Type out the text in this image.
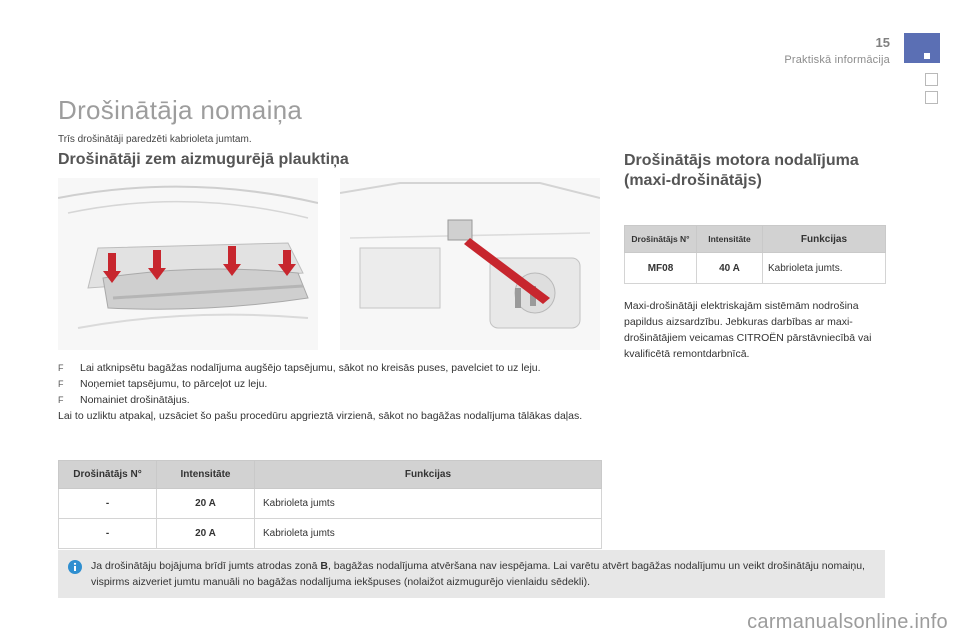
15
Praktiskā informācija
Drošinātāja nomaiņa
Trīs drošinātāji paredzēti kabrioleta jumtam.
Drošinātāji zem aizmugurējā plauktiņa	Drošinātājs motora nodalījuma (maxi-drošinātājs)
F	Lai atknipsētu bagāžas nodalījuma augšējo tapsējumu, sākot no kreisās puses, pavelciet to uz leju.
F	Noņemiet tapsējumu, to pārceļot uz leju.
F	Nomainiet drošinātājus.
Lai to uzliktu atpakaļ, uzsāciet šo pašu procedūru apgrieztā virzienā, sākot no bagāžas nodalījuma tālākas daļas.
Drošinātājs N°	Intensitāte	Funkcijas
-	20 A	Kabrioleta jumts
-	20 A	Kabrioleta jumts
Drošinātājs N°	Intensitāte	Funkcijas
MF08	40 A	Kabrioleta jumts.
Maxi-drošinātāji elektriskajām sistēmām nodrošina papildus aizsardzību. Jebkuras darbības ar maxi-drošinātājiem veicamas CITROËN pārstāvniecībā vai kvalificētā remontdarbnīcā.
Ja drošinātāju bojājuma brīdī jumts atrodas zonā B, bagāžas nodalījuma atvēršana nav iespējama. Lai varētu atvērt bagāžas nodalījumu un veikt drošinātāju nomaiņu, vispirms aizveriet jumtu manuāli no bagāžas nodalījuma iekšpuses (nolaižot aizmugurējo vienlaidu sēdekli).
carmanualsonline.info
